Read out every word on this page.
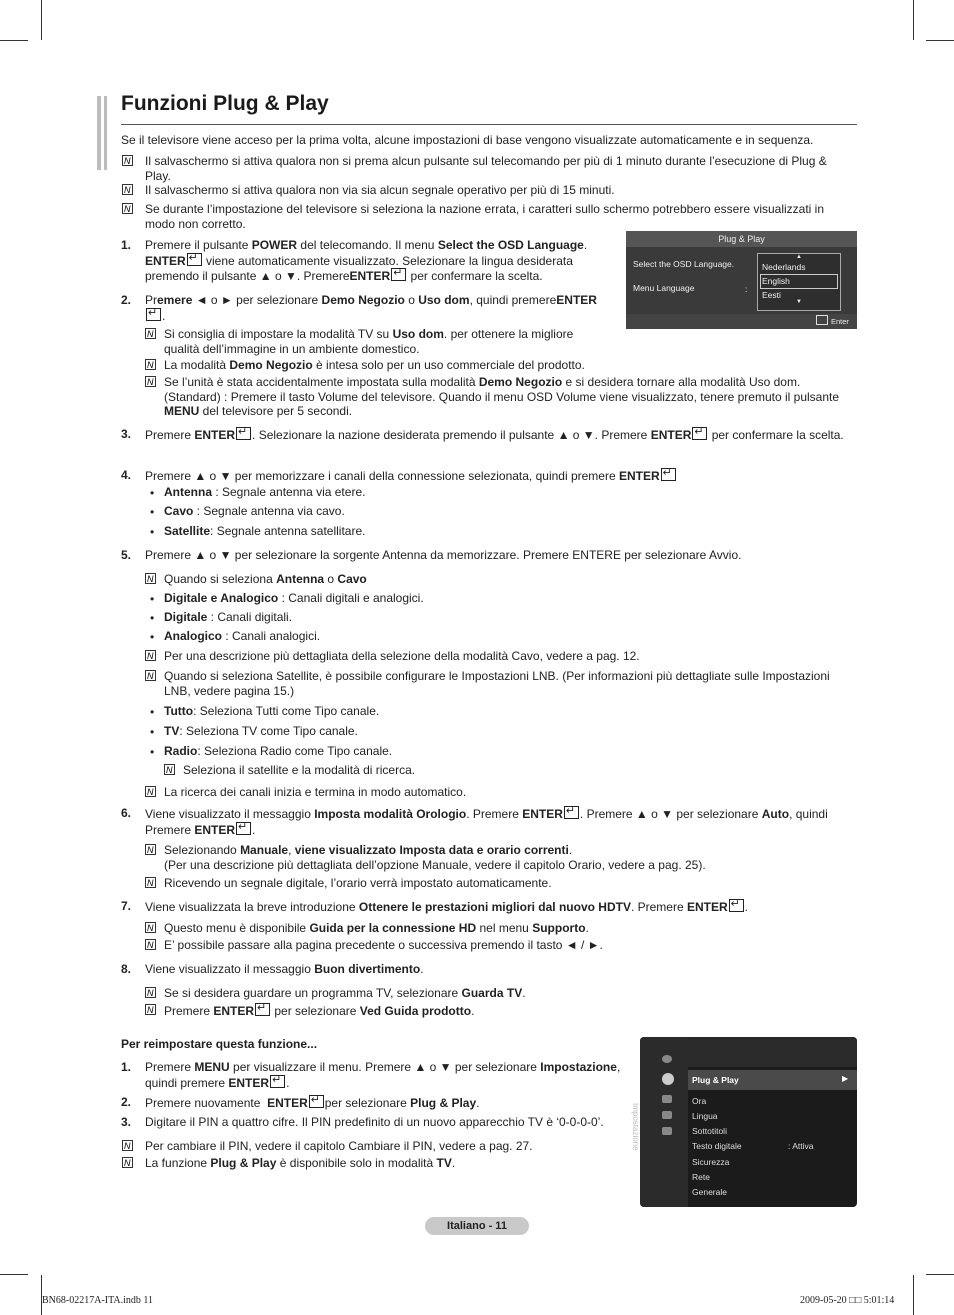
Funzioni Plug & Play
Se il televisore viene acceso per la prima volta, alcune impostazioni di base vengono visualizzate automaticamente e in sequenza.
N Il salvaschermo si attiva qualora non si prema alcun pulsante sul telecomando per più di 1 minuto durante l’esecuzione di Plug & Play.
N Il salvaschermo si attiva qualora non via sia alcun segnale operativo per più di 15 minuti.
N Se durante l’impostazione del televisore si seleziona la nazione errata, i caratteri sullo schermo potrebbero essere visualizzati in modo non corretto.
1. Premere il pulsante POWER del telecomando. Il menu Select the OSD Language. ENTER↵ viene automaticamente visualizzato. Selezionare la lingua desiderata premendo il pulsante ▲ o ▼. PremereENTER↵ per confermare la scelta.
Plug & Play
Select the OSD Language.
Menu Language	:
▲
Nederlands
English
Eesti
▼
Enter
2. Premere ◄ o ► per selezionare Demo Negozio o Uso dom, quindi premereENTER↵.
N Si consiglia di impostare la modalità TV su Uso dom. per ottenere la migliore qualità dell’immagine in un ambiente domestico.
N La modalità Demo Negozio è intesa solo per un uso commerciale del prodotto.
N Se l’unità è stata accidentalmente impostata sulla modalità Demo Negozio e si desidera tornare alla modalità Uso dom. (Standard) : Premere il tasto Volume del televisore. Quando il menu OSD Volume viene visualizzato, tenere premuto il pulsante MENU del televisore per 5 secondi.
3. Premere ENTER ↵ . Selezionare la nazione desiderata premendo il pulsante ▲ o ▼. Premere ENTER↵ per confermare la scelta.
4. Premere ▲ o ▼ per memorizzare i canali della connessione selezionata, quindi premere ENTER↵
• Antenna : Segnale antenna via etere.
• Cavo : Segnale antenna via cavo.
• Satellite: Segnale antenna satellitare.
5. Premere ▲ o ▼ per selezionare la sorgente Antenna da memorizzare. Premere ENTERE per selezionare Avvio.
N Quando si seleziona Antenna o Cavo
• Digitale e Analogico : Canali digitali e analogici.
• Digitale : Canali digitali.
• Analogico : Canali analogici.
N Per una descrizione più dettagliata della selezione della modalità Cavo, vedere a pag. 12.
N Quando si seleziona Satellite, è possibile configurare le Impostazioni LNB. (Per informazioni più dettagliate sulle Impostazioni LNB, vedere pagina 15.)
• Tutto: Seleziona Tutti come Tipo canale.
• TV: Seleziona TV come Tipo canale.
• Radio: Seleziona Radio come Tipo canale.
N Seleziona il satellite e la modalità di ricerca.
N La ricerca dei canali inizia e termina in modo automatico.
6. Viene visualizzato il messaggio Imposta modalità Orologio. Premere ENTER ↵ . Premere ▲ o ▼ per selezionare Auto, quindi Premere ENTER ↵ .
N Selezionando Manuale, viene visualizzato Imposta data e orario correnti.
(Per una descrizione più dettagliata dell’opzione Manuale, vedere il capitolo Orario, vedere a pag. 25).
N Ricevendo un segnale digitale, l’orario verrà impostato automaticamente.
7. Viene visualizzata la breve introduzione Ottenere le prestazioni migliori dal nuovo HDTV. Premere ENTER ↵ .
N Questo menu è disponibile Guida per la connessione HD nel menu Supporto.
N E’ possibile passare alla pagina precedente o successiva premendo il tasto ◄ / ►.
8. Viene visualizzato il messaggio Buon divertimento.
N Se si desidera guardare un programma TV, selezionare Guarda TV.
N Premere ENTER↵ per selezionare Ved Guida prodotto.
Per reimpostare questa funzione...
1. Premere MENU per visualizzare il menu. Premere ▲ o ▼ per selezionare Impostazione, quindi premere ENTER ↵ .
2. Premere nuovamente  ENTER ↵ per selezionare Plug & Play.
3. Digitare il PIN a quattro cifre. Il PIN predefinito di un nuovo apparecchio TV è ‘0-0-0-0’.
N Per cambiare il PIN, vedere il capitolo Cambiare il PIN, vedere a pag. 27.
N La funzione Plug & Play è disponibile solo in modalità TV.
Impostazione
Plug & Play	▶
Ora
Lingua
Sottotitoli
Testo digitale	: Attiva
Sicurezza
Rete
Generale
Italiano - 11
BN68-02217A-ITA.indb 11	2009-05-20 □□ 5:01:14
